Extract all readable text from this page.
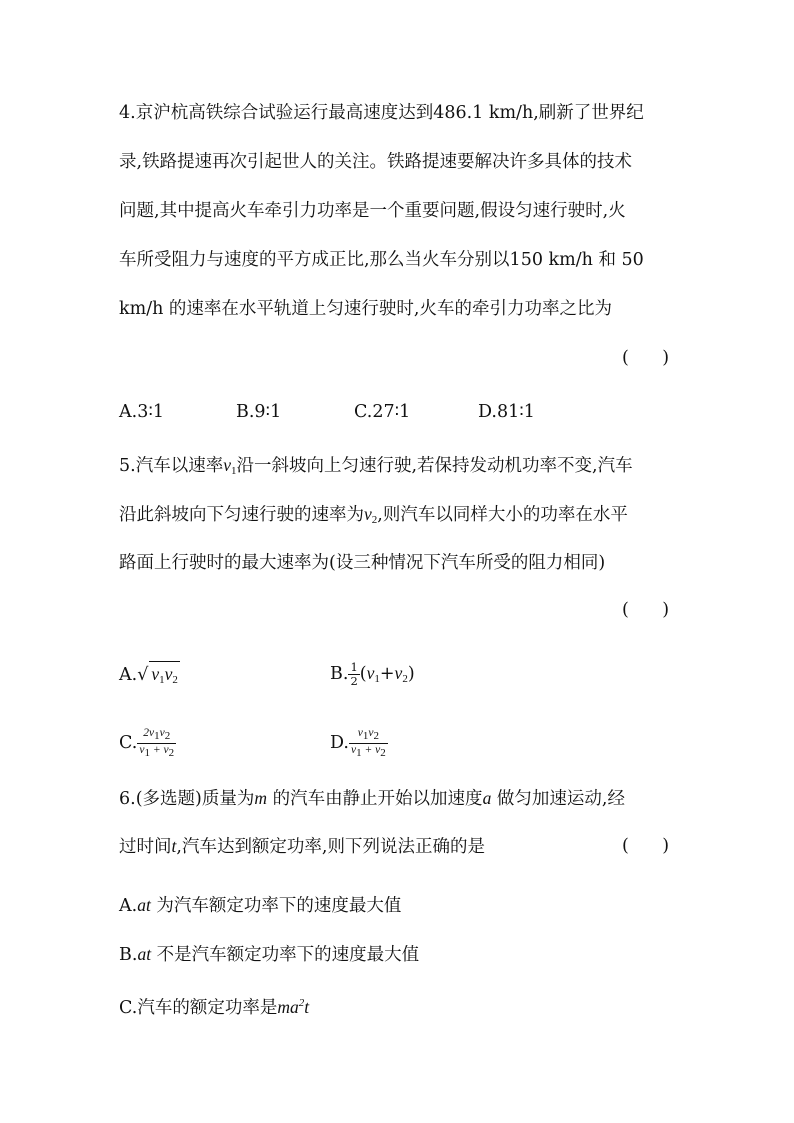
4.京沪杭高铁综合试验运行最高速度达到486.1 km/h,刷新了世界纪
录,铁路提速再次引起世人的关注。铁路提速要解决许多具体的技术
问题,其中提高火车牵引力功率是一个重要问题,假设匀速行驶时,火
车所受阻力与速度的平方成正比,那么当火车分别以150 km/h 和 50
km/h 的速率在水平轨道上匀速行驶时,火车的牵引力功率之比为
(      )
A.3∶1	B.9∶1	C.27∶1	D.81∶1
5.汽车以速率$v_1$沿一斜坡向上匀速行驶,若保持发动机功率不变,汽车
沿此斜坡向下匀速行驶的速率为$v_2$,则汽车以同样大小的功率在水平
路面上行驶时的最大速率为(设三种情况下汽车所受的阻力相同)
(      )
A.√ $v_1v_2$	B. $\frac{1}{2} (v_1+v_2)$
C. $\frac{2v1v2}{v1 + v2}$	D. $\frac{v1v2}{v1 + v2}$
6.(多选题)质量为m 的汽车由静止开始以加速度a 做匀加速运动,经
过时间t,汽车达到额定功率,则下列说法正确的是	(      )
A.at 为汽车额定功率下的速度最大值
B.at 不是汽车额定功率下的速度最大值
C.汽车的额定功率是$ma^2t$
